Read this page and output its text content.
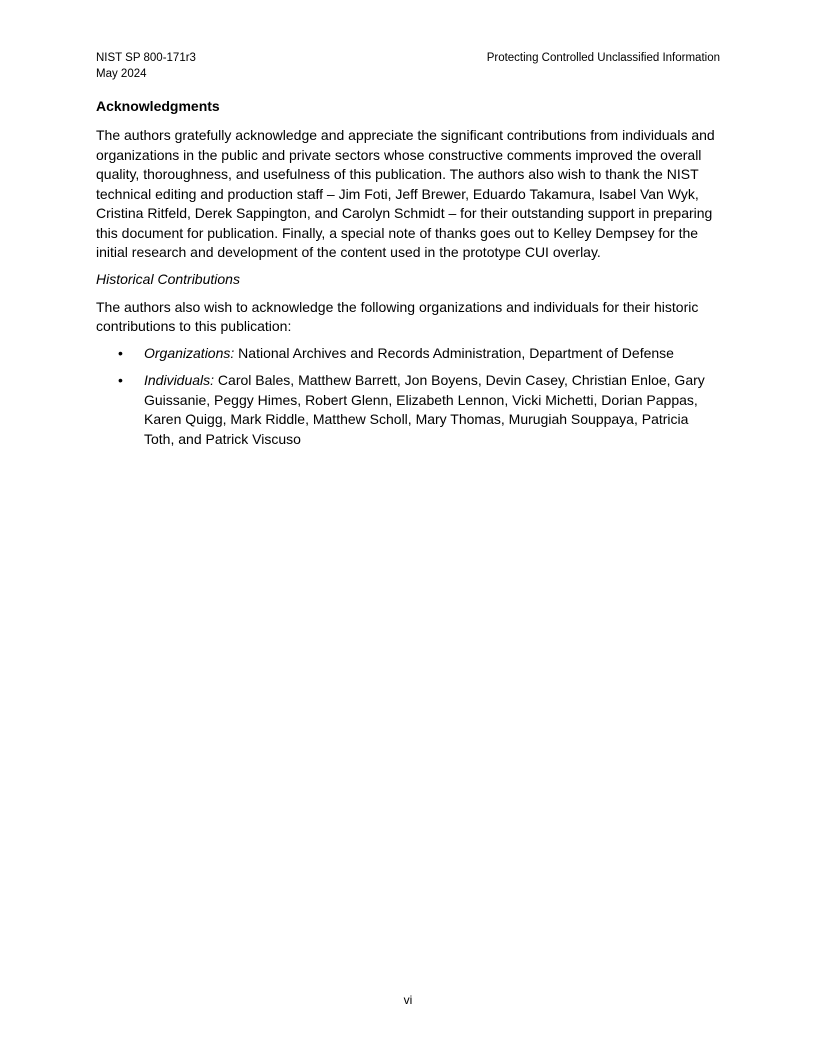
NIST SP 800-171r3
May 2024
Protecting Controlled Unclassified Information
Acknowledgments

The authors gratefully acknowledge and appreciate the significant contributions from individuals and organizations in the public and private sectors whose constructive comments improved the overall quality, thoroughness, and usefulness of this publication. The authors also wish to thank the NIST technical editing and production staff – Jim Foti, Jeff Brewer, Eduardo Takamura, Isabel Van Wyk, Cristina Ritfeld, Derek Sappington, and Carolyn Schmidt – for their outstanding support in preparing this document for publication. Finally, a special note of thanks goes out to Kelley Dempsey for the initial research and development of the content used in the prototype CUI overlay.

Historical Contributions

The authors also wish to acknowledge the following organizations and individuals for their historic contributions to this publication:

• Organizations: National Archives and Records Administration, Department of Defense
• Individuals: Carol Bales, Matthew Barrett, Jon Boyens, Devin Casey, Christian Enloe, Gary Guissanie, Peggy Himes, Robert Glenn, Elizabeth Lennon, Vicki Michetti, Dorian Pappas, Karen Quigg, Mark Riddle, Matthew Scholl, Mary Thomas, Murugiah Souppaya, Patricia Toth, and Patrick Viscuso
vi
